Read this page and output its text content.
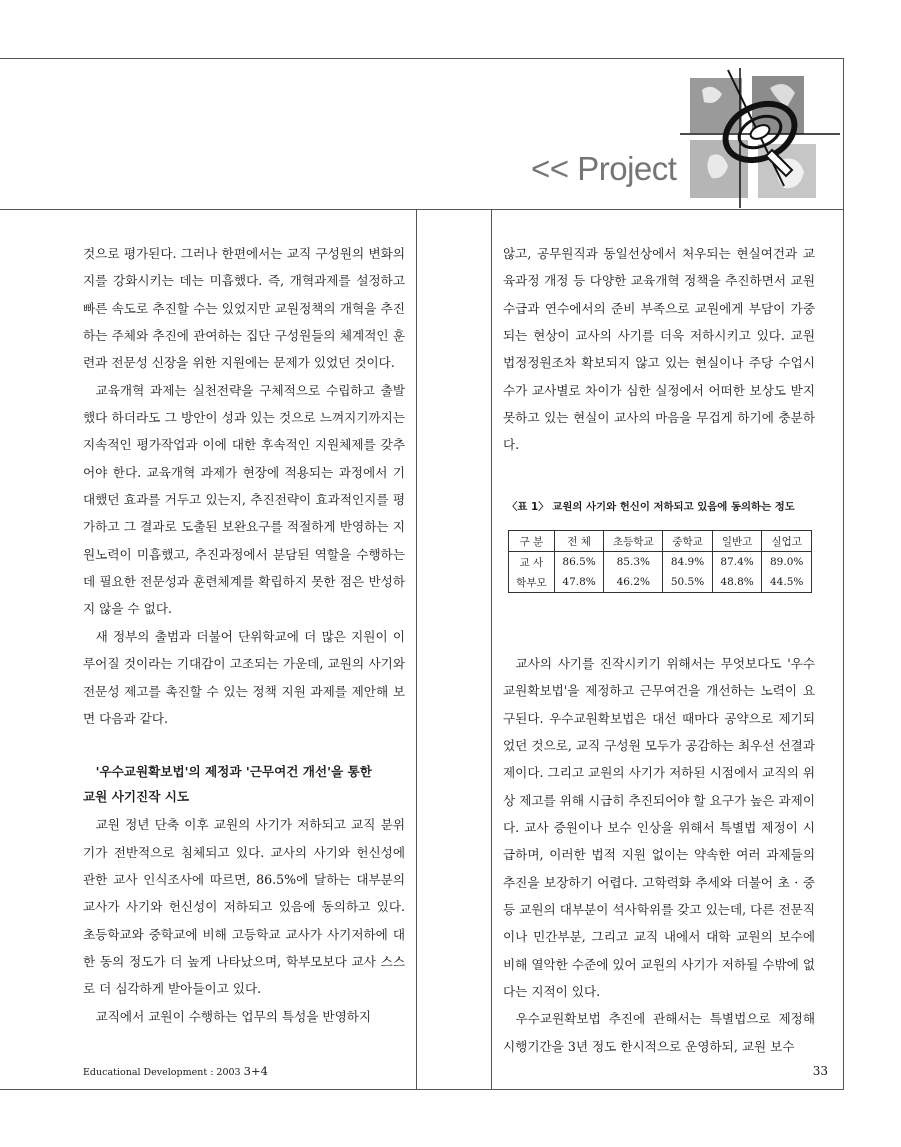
<< Project

것으로 평가된다. 그러나 한편에서는 교직 구성원의 변화의지를 강화시키는 데는 미흡했다. 즉, 개혁과제를 설정하고 빠른 속도로 추진할 수는 있었지만 교원정책의 개혁을 추진하는 주체와 추진에 관여하는 집단 구성원들의 체계적인 훈련과 전문성 신장을 위한 지원에는 문제가 있었던 것이다.

교육개혁 과제는 실천전략을 구체적으로 수립하고 출발했다 하더라도 그 방안이 성과 있는 것으로 느껴지기까지는 지속적인 평가작업과 이에 대한 후속적인 지원체제를 갖추어야 한다. 교육개혁 과제가 현장에 적용되는 과정에서 기대했던 효과를 거두고 있는지, 추진전략이 효과적인지를 평가하고 그 결과로 도출된 보완요구를 적절하게 반영하는 지원노력이 미흡했고, 추진과정에서 분담된 역할을 수행하는 데 필요한 전문성과 훈련체계를 확립하지 못한 점은 반성하지 않을 수 없다.

새 정부의 출범과 더불어 단위학교에 더 많은 지원이 이루어질 것이라는 기대감이 고조되는 가운데, 교원의 사기와 전문성 제고를 촉진할 수 있는 정책 지원 과제를 제안해 보면 다음과 같다.

'우수교원확보법'의 제정과 '근무여건 개선'을 통한
교원 사기진작 시도

교원 정년 단축 이후 교원의 사기가 저하되고 교직 분위기가 전반적으로 침체되고 있다. 교사의 사기와 헌신성에 관한 교사 인식조사에 따르면, 86.5%에 달하는 대부분의 교사가 사기와 헌신성이 저하되고 있음에 동의하고 있다. 초등학교와 중학교에 비해 고등학교 교사가 사기저하에 대한 동의 정도가 더 높게 나타났으며, 학부모보다 교사 스스로 더 심각하게 받아들이고 있다.

교직에서 교원이 수행하는 업무의 특성을 반영하지

않고, 공무원직과 동일선상에서 처우되는 현실여건과 교육과정 개정 등 다양한 교육개혁 정책을 추진하면서 교원 수급과 연수에서의 준비 부족으로 교원에게 부담이 가중되는 현상이 교사의 사기를 더욱 저하시키고 있다. 교원 법정정원조차 확보되지 않고 있는 현실이나 주당 수업시수가 교사별로 차이가 심한 실정에서 어떠한 보상도 받지 못하고 있는 현실이 교사의 마음을 무겁게 하기에 충분하다.

〈표 1〉 교원의 사기와 헌신이 저하되고 있음에 동의하는 정도
구 분	전 체	초등학교	중학교	일반고	실업고
교 사	86.5%	85.3%	84.9%	87.4%	89.0%
학부모	47.8%	46.2%	50.5%	48.8%	44.5%

교사의 사기를 진작시키기 위해서는 무엇보다도 '우수교원확보법'을 제정하고 근무여건을 개선하는 노력이 요구된다. 우수교원확보법은 대선 때마다 공약으로 제기되었던 것으로, 교직 구성원 모두가 공감하는 최우선 선결과제이다. 그리고 교원의 사기가 저하된 시점에서 교직의 위상 제고를 위해 시급히 추진되어야 할 요구가 높은 과제이다. 교사 증원이나 보수 인상을 위해서 특별법 제정이 시급하며, 이러한 법적 지원 없이는 약속한 여러 과제들의 추진을 보장하기 어렵다. 고학력화 추세와 더불어 초 · 중등 교원의 대부분이 석사학위를 갖고 있는데, 다른 전문직이나 민간부분, 그리고 교직 내에서 대학 교원의 보수에 비해 열악한 수준에 있어 교원의 사기가 저하될 수밖에 없다는 지적이 있다.

우수교원확보법 추진에 관해서는 특별법으로 제정해 시행기간을 3년 정도 한시적으로 운영하되, 교원 보수

Educational Development : 2003 3+4	33
